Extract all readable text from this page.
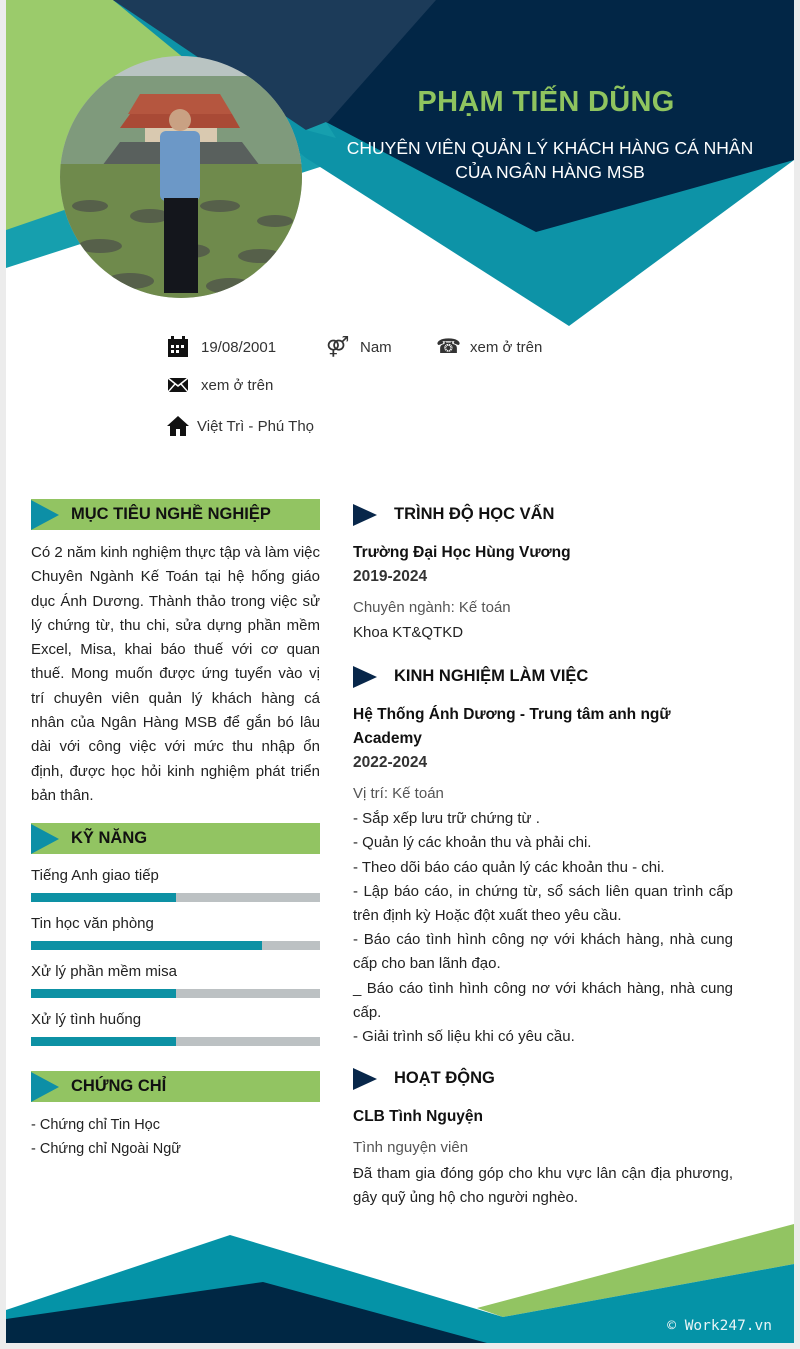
PHẠM TIẾN DŨNG
CHUYÊN VIÊN QUẢN LÝ KHÁCH HÀNG CÁ NHÂN CỦA NGÂN HÀNG MSB
19/08/2001 ⚤ Nam ☎ xem ở trên
xem ở trên
Việt Trì - Phú Thọ
MỤC TIÊU NGHỀ NGHIỆP
Có 2 năm kinh nghiệm thực tập và làm việc Chuyên Ngành Kế Toán tại hệ hống giáo dục Ánh Dương. Thành thảo trong việc sử lý chứng từ, thu chi, sửa dựng phần mềm Excel, Misa, khai báo thuế với cơ quan thuế. Mong muốn được ứng tuyển vào vị trí chuyên viên quản lý khách hàng cá nhân của Ngân Hàng MSB để gắn bó lâu dài với công việc với mức thu nhập ổn định, được học hỏi kinh nghiệm phát triển bản thân.
KỸ NĂNG
Tiếng Anh giao tiếp
Tin học văn phòng
Xử lý phần mềm misa
Xử lý tình huống
CHỨNG CHỈ
- Chứng chỉ Tin Học
- Chứng chỉ Ngoài Ngữ
TRÌNH ĐỘ HỌC VẤN
Trường Đại Học Hùng Vương
2019-2024
Chuyên ngành: Kế toán
Khoa KT&QTKD
KINH NGHIỆM LÀM VIỆC
Hệ Thống Ánh Dương - Trung tâm anh ngữ Academy
2022-2024
Vị trí: Kế toán
- Sắp xếp lưu trữ chứng từ .
- Quản lý các khoản thu và phải chi.
- Theo dõi báo cáo quản lý các khoản thu - chi.
- Lập báo cáo, in chứng từ, sổ sách liên quan trình cấp trên định kỳ Hoặc đột xuất theo yêu cầu.
- Báo cáo tình hình công nợ với khách hàng, nhà cung cấp cho ban lãnh đạo.
_ Báo cáo tình hình công nơ với khách hàng, nhà cung cấp.
- Giải trình số liệu khi có yêu cầu.
HOẠT ĐỘNG
CLB Tình Nguyện
Tình nguyện viên
Đã tham gia đóng góp cho khu vực lân cận địa phương, gây quỹ ủng hộ cho người nghèo.
© Work247.vn
